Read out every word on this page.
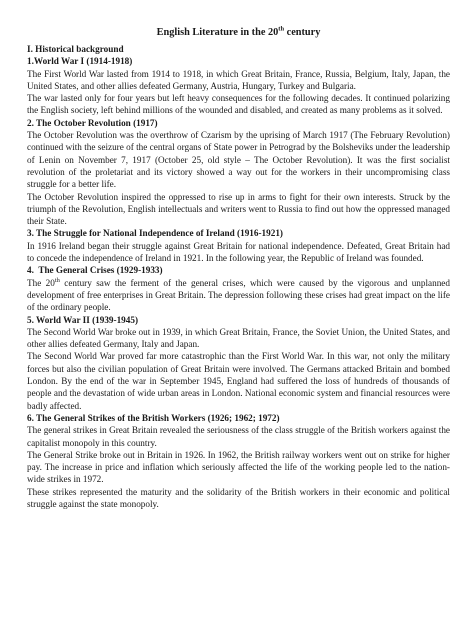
English Literature in the 20th century
I. Historical background
1.World War I (1914-1918)

The First World War lasted from 1914 to 1918, in which Great Britain, France, Russia, Belgium, Italy, Japan, the United States, and other allies defeated Germany, Austria, Hungary, Turkey and Bulgaria.

The war lasted only for four years but left heavy consequences for the following decades. It continued polarizing the English society, left behind millions of the wounded and disabled, and created as many problems as it solved.

2. The October Revolution (1917)

The October Revolution was the overthrow of Czarism by the uprising of March 1917 (The February Revolution) continued with the seizure of the central organs of State power in Petrograd by the Bolsheviks under the leadership of Lenin on November 7, 1917 (October 25, old style – The October Revolution). It was the first socialist revolution of the proletariat and its victory showed a way out for the workers in their uncompromising class struggle for a better life.

The October Revolution inspired the oppressed to rise up in arms to fight for their own interests. Struck by the triumph of the Revolution, English intellectuals and writers went to Russia to find out how the oppressed managed their State.

3. The Struggle for National Independence of Ireland (1916-1921)

In 1916 Ireland began their struggle against Great Britain for national independence. Defeated, Great Britain had to concede the independence of Ireland in 1921. In the following year, the Republic of Ireland was founded.

4.  The General Crises (1929-1933)

The 20th century saw the ferment of the general crises, which were caused by the vigorous and unplanned development of free enterprises in Great Britain. The depression following these crises had great impact on the life of the ordinary people.

5. World War II (1939-1945)

The Second World War broke out in 1939, in which Great Britain, France, the Soviet Union, the United States, and other allies defeated Germany, Italy and Japan.

The Second World War proved far more catastrophic than the First World War. In this war, not only the military forces but also the civilian population of Great Britain were involved. The Germans attacked Britain and bombed London. By the end of the war in September 1945, England had suffered the loss of hundreds of thousands of people and the devastation of wide urban areas in London. National economic system and financial resources were badly affected.

6. The General Strikes of the British Workers (1926; 1962; 1972)

The general strikes in Great Britain revealed the seriousness of the class struggle of the British workers against the capitalist monopoly in this country.

The General Strike broke out in Britain in 1926. In 1962, the British railway workers went out on strike for higher pay. The increase in price and inflation which seriously affected the life of the working people led to the nation-wide strikes in 1972.

These strikes represented the maturity and the solidarity of the British workers in their economic and political struggle against the state monopoly.
